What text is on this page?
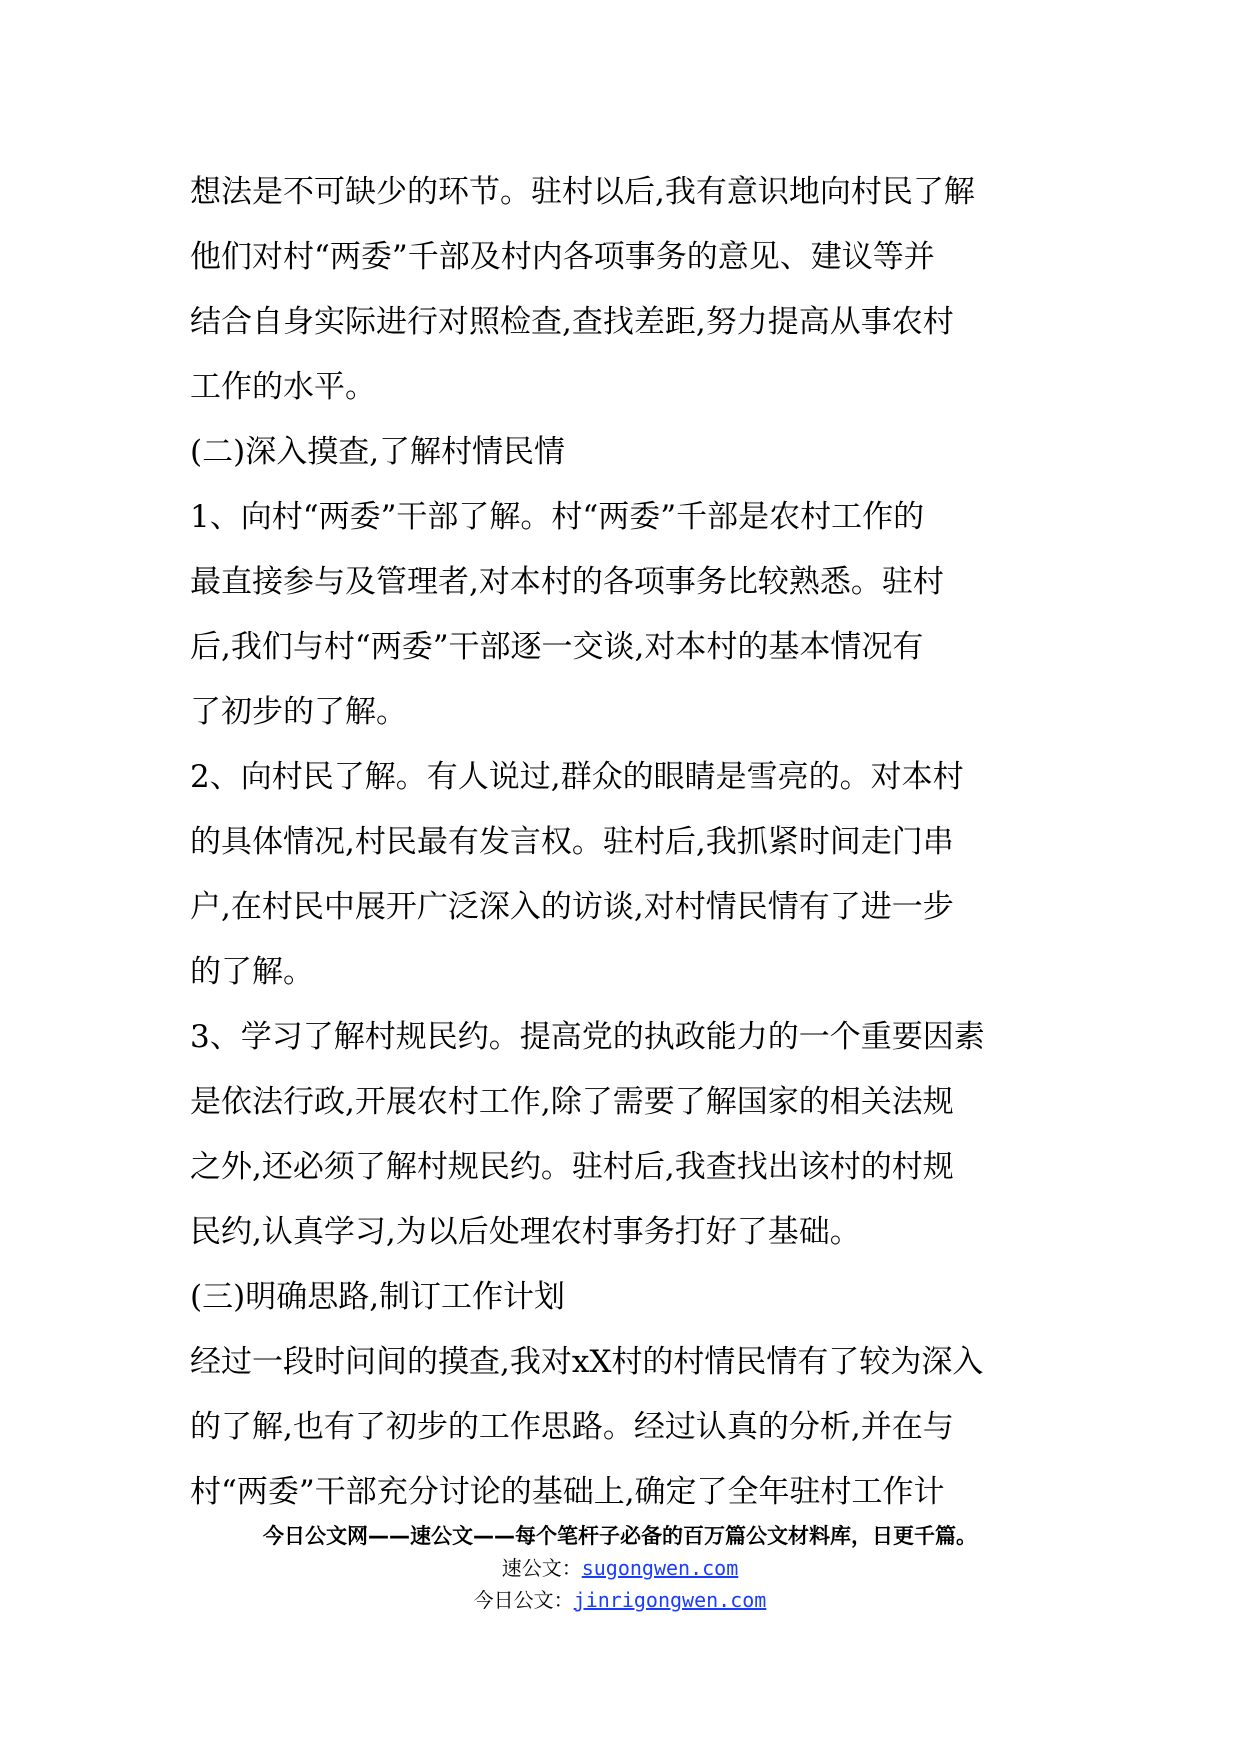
想法是不可缺少的环节。驻村以后,我有意识地向村民了解
他们对村“两委”千部及村内各项事务的意见、建议等并
结合自身实际进行对照检查,查找差距,努力提高从事农村
工作的水平。
(二)深入摸查,了解村情民情
1、向村“两委”干部了解。村“两委”千部是农村工作的
最直接参与及管理者,对本村的各项事务比较熟悉。驻村
后,我们与村“两委”干部逐一交谈,对本村的基本情况有
了初步的了解。
2、向村民了解。有人说过,群众的眼睛是雪亮的。对本村
的具体情况,村民最有发言权。驻村后,我抓紧时间走门串
户,在村民中展开广泛深入的访谈,对村情民情有了进一步
的了解。
3、学习了解村规民约。提高党的执政能力的一个重要因素
是依法行政,开展农村工作,除了需要了解国家的相关法规
之外,还必须了解村规民约。驻村后,我查找出该村的村规
民约,认真学习,为以后处理农村事务打好了基础。
(三)明确思路,制订工作计划
经过一段时问间的摸查,我对xX村的村情民情有了较为深入
的了解,也有了初步的工作思路。经过认真的分析,并在与
村“两委”干部充分讨论的基础上,确定了全年驻村工作计
今日公文网——速公文——每个笔杆子必备的百万篇公文材料库，日更千篇。
速公文：sugongwen.com
今日公文：jinrigongwen.com
